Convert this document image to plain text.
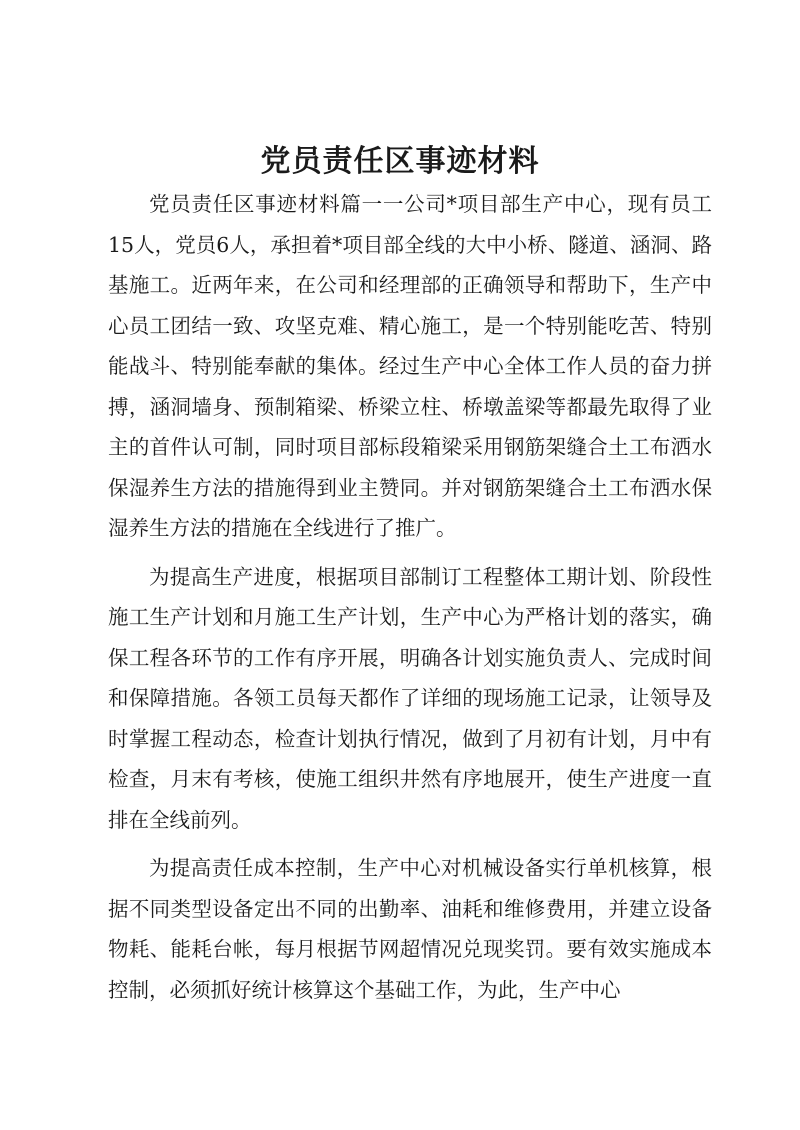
党员责任区事迹材料

党员责任区事迹材料篇一一公司*项目部生产中心，现有员工15人，党员6人，承担着*项目部全线的大中小桥、隧道、涵洞、路基施工。近两年来，在公司和经理部的正确领导和帮助下，生产中心员工团结一致、攻坚克难、精心施工，是一个特别能吃苦、特别能战斗、特别能奉献的集体。经过生产中心全体工作人员的奋力拼搏，涵洞墙身、预制箱梁、桥梁立柱、桥墩盖梁等都最先取得了业主的首件认可制，同时项目部标段箱梁采用钢筋架缝合土工布洒水保湿养生方法的措施得到业主赞同。并对钢筋架缝合土工布洒水保湿养生方法的措施在全线进行了推广。

为提高生产进度，根据项目部制订工程整体工期计划、阶段性施工生产计划和月施工生产计划，生产中心为严格计划的落实，确保工程各环节的工作有序开展，明确各计划实施负责人、完成时间和保障措施。各领工员每天都作了详细的现场施工记录，让领导及时掌握工程动态，检查计划执行情况，做到了月初有计划，月中有检查，月末有考核，使施工组织井然有序地展开，使生产进度一直排在全线前列。

为提高责任成本控制，生产中心对机械设备实行单机核算，根据不同类型设备定出不同的出勤率、油耗和维修费用，并建立设备物耗、能耗台帐，每月根据节网超情况兑现奖罚。要有效实施成本控制，必须抓好统计核算这个基础工作，为此，生产中心
